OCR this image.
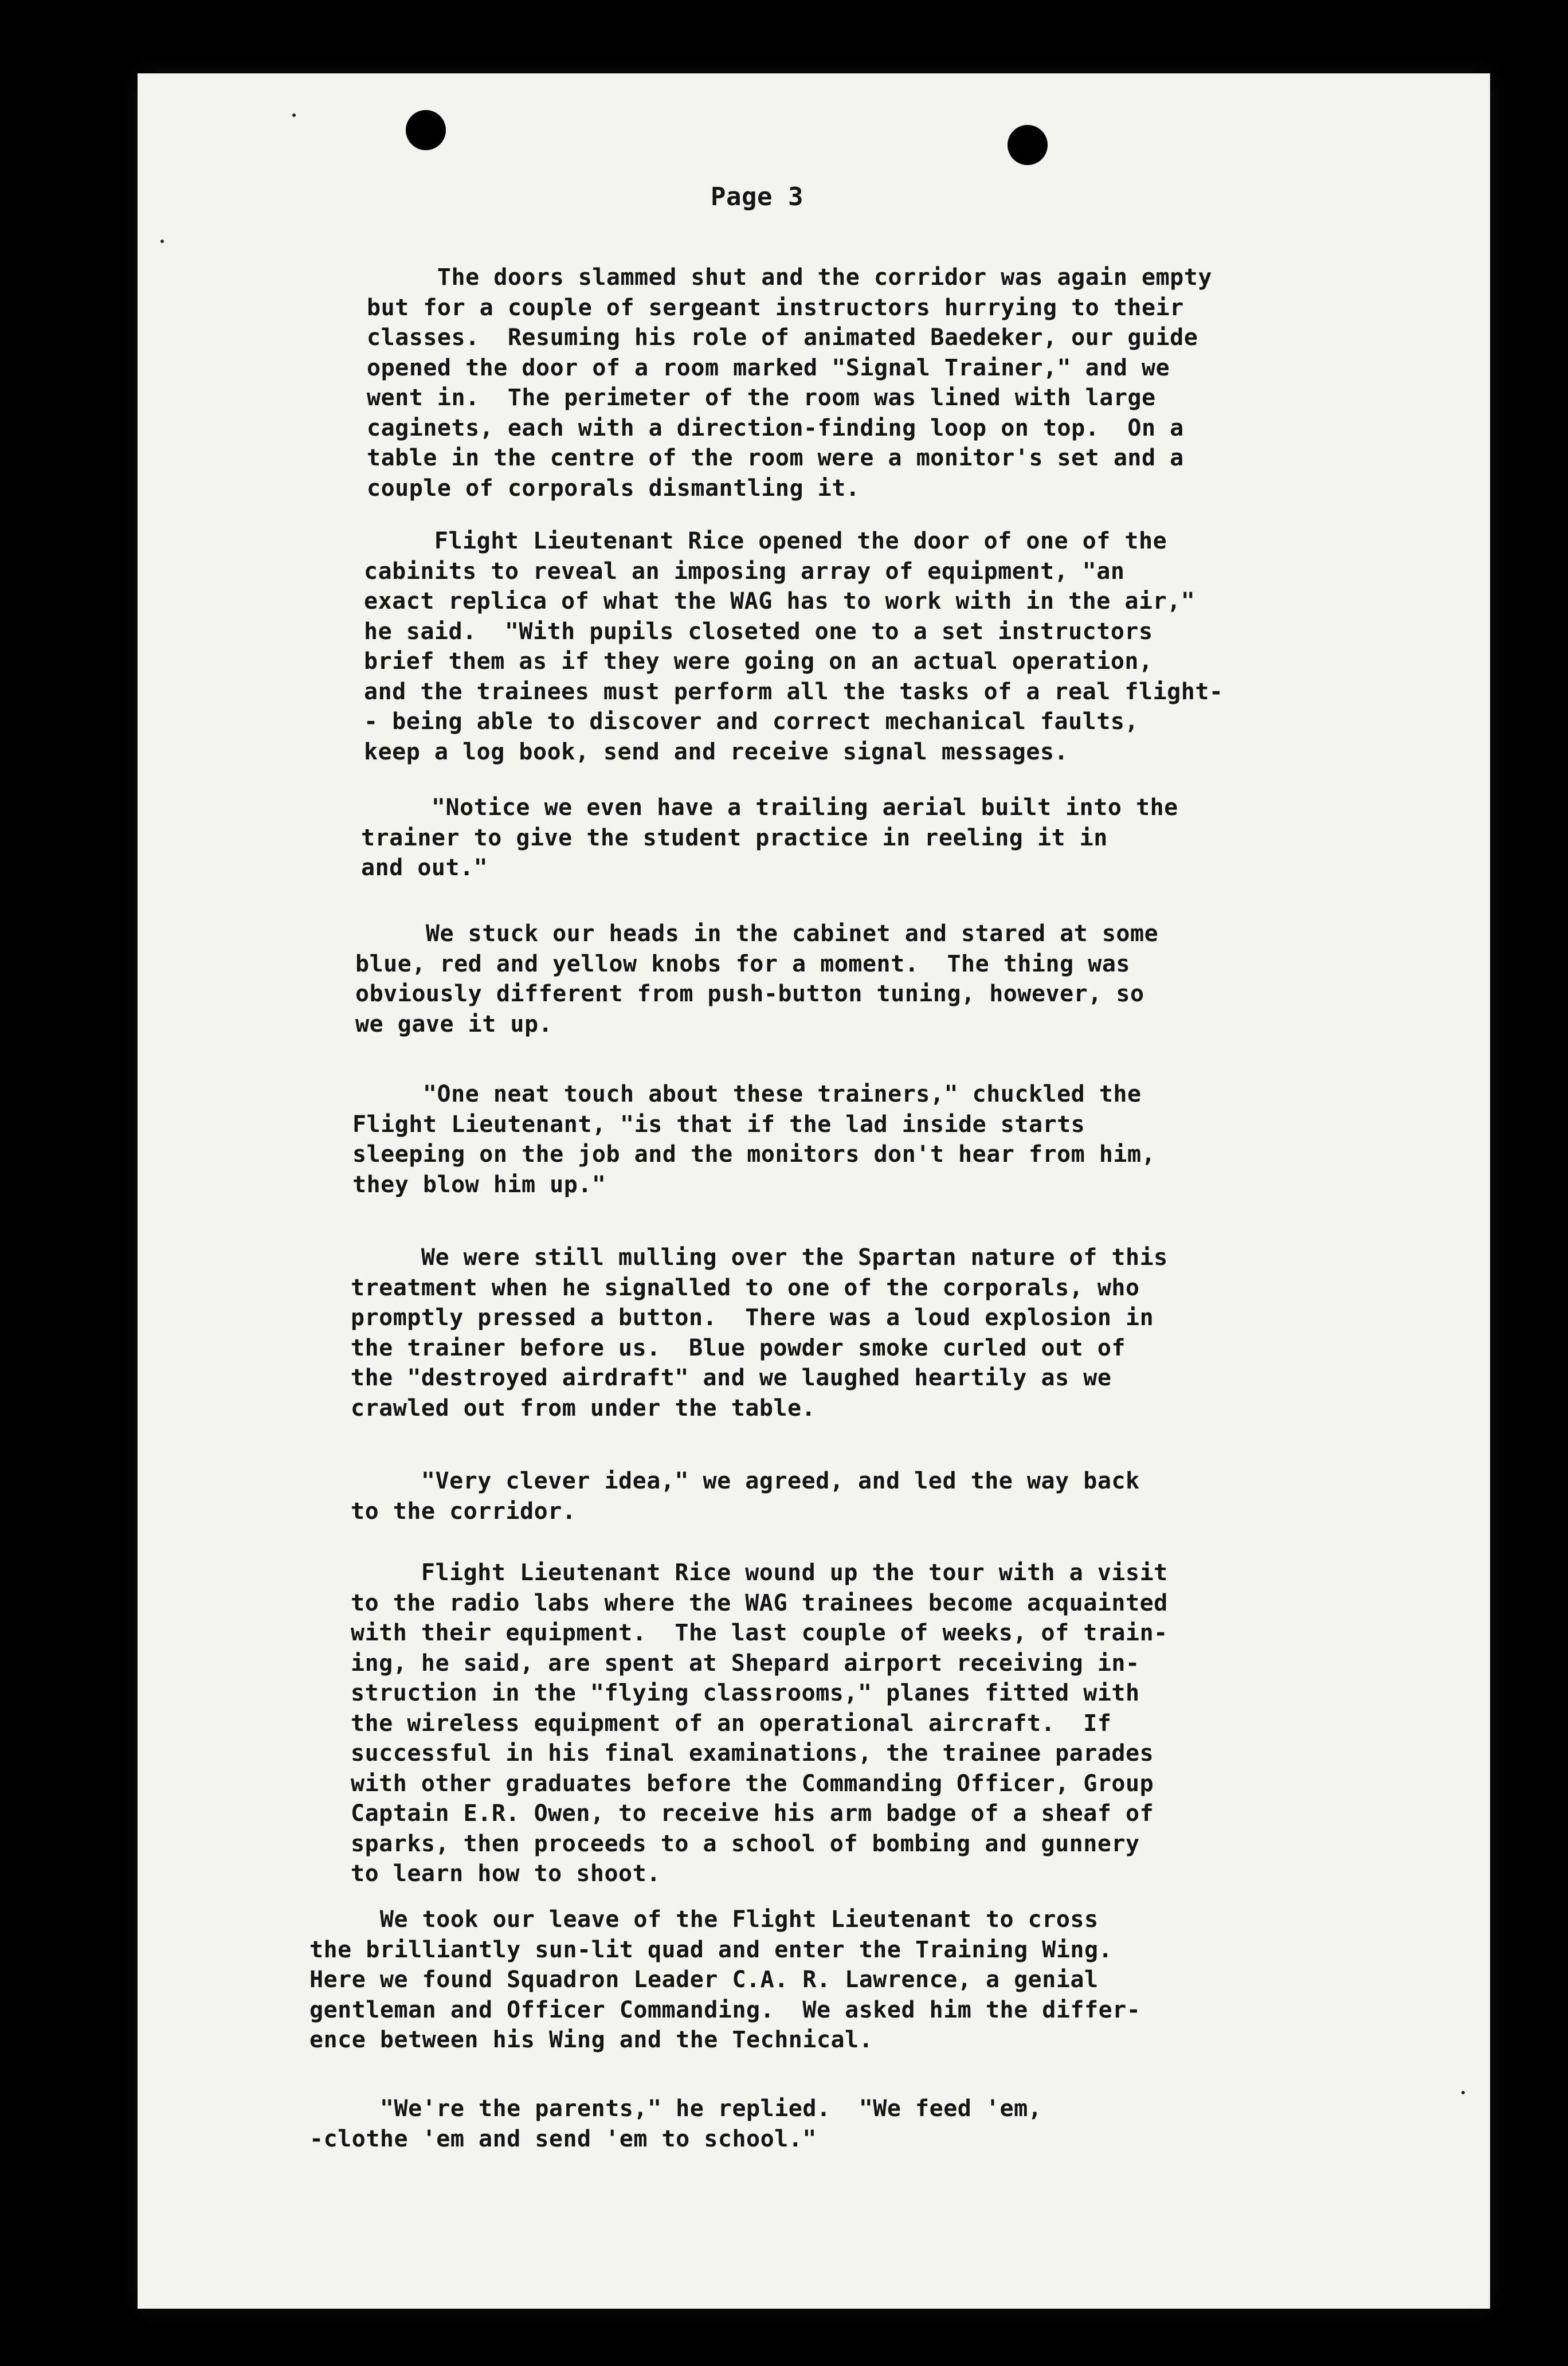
Page 3

The doors slammed shut and the corridor was again empty

but for a couple of sergeant instructors hurrying to their

classes.  Resuming his role of animated Baedeker, our guide

opened the door of a room marked "Signal Trainer," and we

went in.  The perimeter of the room was lined with large

caginets, each with a direction-finding loop on top.  On a

table in the centre of the room were a monitor's set and a

couple of corporals dismantling it.

Flight Lieutenant Rice opened the door of one of the

cabinits to reveal an imposing array of equipment, "an

exact replica of what the WAG has to work with in the air,"

he said.  "With pupils closeted one to a set instructors

brief them as if they were going on an actual operation,

and the trainees must perform all the tasks of a real flight-

- being able to discover and correct mechanical faults,

keep a log book, send and receive signal messages.

"Notice we even have a trailing aerial built into the

trainer to give the student practice in reeling it in

and out."

We stuck our heads in the cabinet and stared at some

blue, red and yellow knobs for a moment.  The thing was

obviously different from push-button tuning, however, so

we gave it up.

"One neat touch about these trainers," chuckled the

Flight Lieutenant, "is that if the lad inside starts

sleeping on the job and the monitors don't hear from him,

they blow him up."

We were still mulling over the Spartan nature of this

treatment when he signalled to one of the corporals, who

promptly pressed a button.  There was a loud explosion in

the trainer before us.  Blue powder smoke curled out of

the "destroyed airdraft" and we laughed heartily as we

crawled out from under the table.

"Very clever idea," we agreed, and led the way back

to the corridor.

Flight Lieutenant Rice wound up the tour with a visit

to the radio labs where the WAG trainees become acquainted

with their equipment.  The last couple of weeks, of train-

ing, he said, are spent at Shepard airport receiving in-

struction in the "flying classrooms," planes fitted with

the wireless equipment of an operational aircraft.  If

successful in his final examinations, the trainee parades

with other graduates before the Commanding Officer, Group

Captain E.R. Owen, to receive his arm badge of a sheaf of

sparks, then proceeds to a school of bombing and gunnery

to learn how to shoot.

We took our leave of the Flight Lieutenant to cross

the brilliantly sun-lit quad and enter the Training Wing.

Here we found Squadron Leader C.A. R. Lawrence, a genial

gentleman and Officer Commanding.  We asked him the differ-

ence between his Wing and the Technical.

"We're the parents," he replied.  "We feed 'em,

-clothe 'em and send 'em to school."
